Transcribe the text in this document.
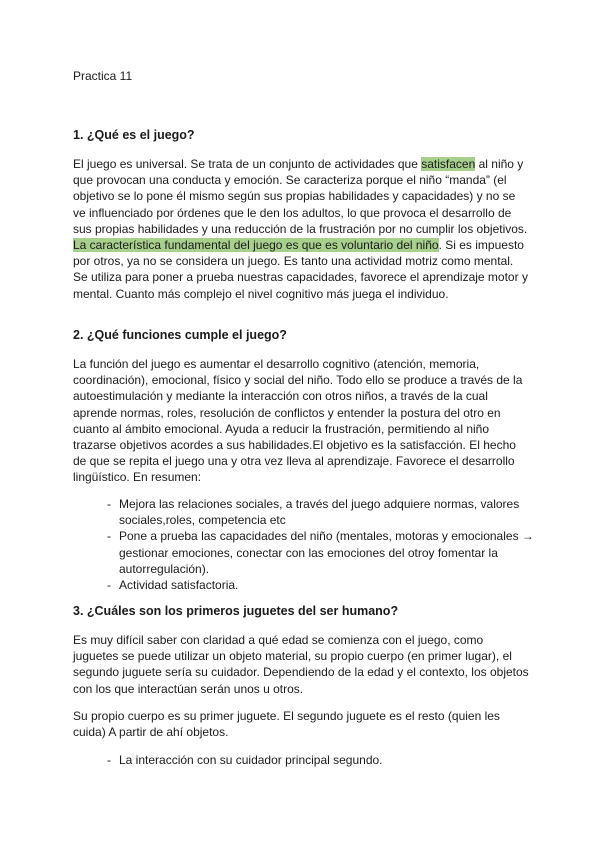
Practica 11
1. ¿Qué es el juego?
El juego es universal. Se trata de un conjunto de actividades que satisfacen al niño y que provocan una conducta y emoción. Se caracteriza porque el niño “manda” (el objetivo se lo pone él mismo según sus propias habilidades y capacidades) y no se ve influenciado por órdenes que le den los adultos, lo que provoca el desarrollo de sus propias habilidades y una reducción de la frustración por no cumplir los objetivos. La característica fundamental del juego es que es voluntario del niño. Si es impuesto por otros, ya no se considera un juego. Es tanto una actividad motriz como mental. Se utiliza para poner a prueba nuestras capacidades, favorece el aprendizaje motor y mental. Cuanto más complejo el nivel cognitivo más juega el individuo.
2. ¿Qué funciones cumple el juego?
La función del juego es aumentar el desarrollo cognitivo (atención, memoria, coordinación), emocional, físico y social del niño. Todo ello se produce a través de la autoestimulación y mediante la interacción con otros niños, a través de la cual aprende normas, roles, resolución de conflictos y entender la postura del otro en cuanto al ámbito emocional. Ayuda a reducir la frustración, permitiendo al niño trazarse objetivos acordes a sus habilidades.El objetivo es la satisfacción. El hecho de que se repita el juego una y otra vez lleva al aprendizaje. Favorece el desarrollo lingüístico. En resumen:
- Mejora las relaciones sociales, a través del juego adquiere normas, valores sociales,roles, competencia etc
- Pone a prueba las capacidades del niño (mentales, motoras y emocionales → gestionar emociones, conectar con las emociones del otroy fomentar la autorregulación).
- Actividad satisfactoria.
3. ¿Cuáles son los primeros juguetes del ser humano?
Es muy difícil saber con claridad a qué edad se comienza con el juego, como juguetes se puede utilizar un objeto material, su propio cuerpo (en primer lugar), el segundo juguete sería su cuidador. Dependiendo de la edad y el contexto, los objetos con los que interactúan serán unos u otros.
Su propio cuerpo es su primer juguete. El segundo juguete es el resto (quien les cuida) A partir de ahí objetos.
- La interacción con su cuidador principal segundo.
